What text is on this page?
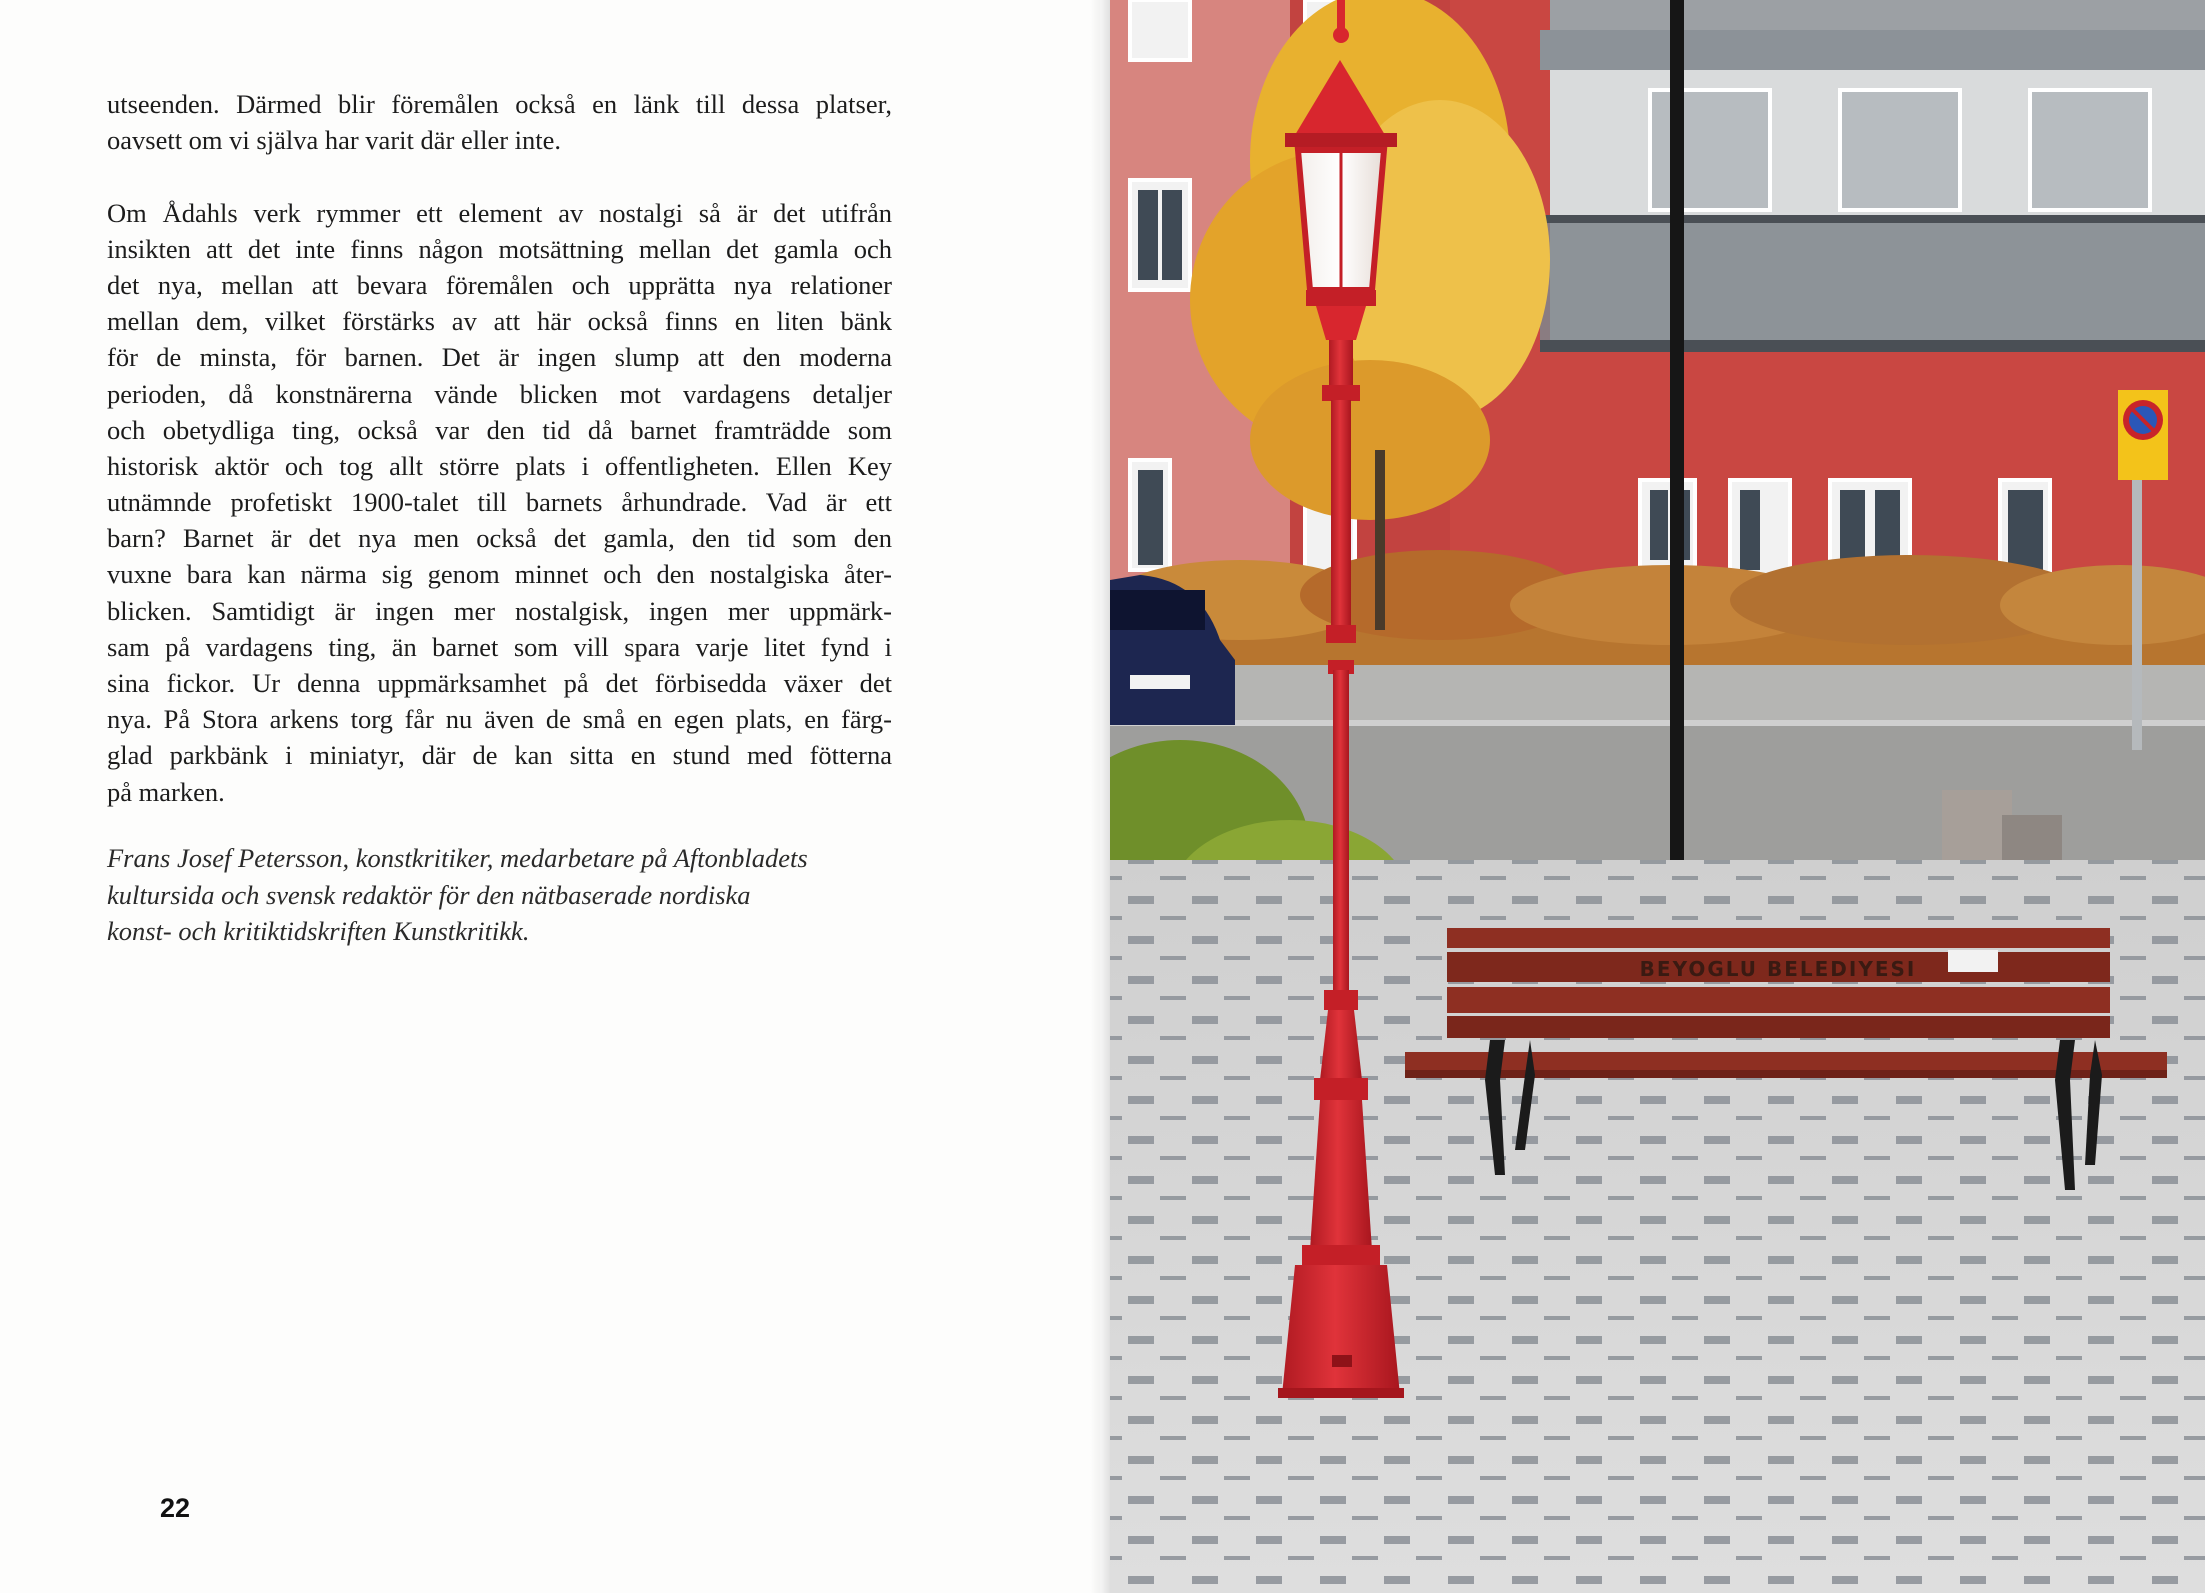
utseenden. Därmed blir föremålen också en länk till dessa platser,
oavsett om vi själva har varit där eller inte.
Om Ådahls verk rymmer ett element av nostalgi så är det utifrån
insikten att det inte finns någon motsättning mellan det gamla och
det nya, mellan att bevara föremålen och upprätta nya relationer
mellan dem, vilket förstärks av att här också finns en liten bänk
för de minsta, för barnen. Det är ingen slump att den moderna
perioden, då konstnärerna vände blicken mot vardagens detaljer
och obetydliga ting, också var den tid då barnet framträdde som
historisk aktör och tog allt större plats i offentligheten. Ellen Key
utnämnde profetiskt 1900-talet till barnets århundrade. Vad är ett
barn? Barnet är det nya men också det gamla, den tid som den
vuxne bara kan närma sig genom minnet och den nostalgiska åter-
blicken. Samtidigt är ingen mer nostalgisk, ingen mer uppmärk-
sam på vardagens ting, än barnet som vill spara varje litet fynd i
sina fickor. Ur denna uppmärksamhet på det förbisedda växer det
nya. På Stora arkens torg får nu även de små en egen plats, en färg-
glad parkbänk i miniatyr, där de kan sitta en stund med fötterna
på marken.
Frans Josef Petersson, konstkritiker, medarbetare på Aftonbladets
kultursida och svensk redaktör för den nätbaserade nordiska
konst- och kritiktidskriften Kunstkritikk.
22
BEYOGLU BELEDIYESI
